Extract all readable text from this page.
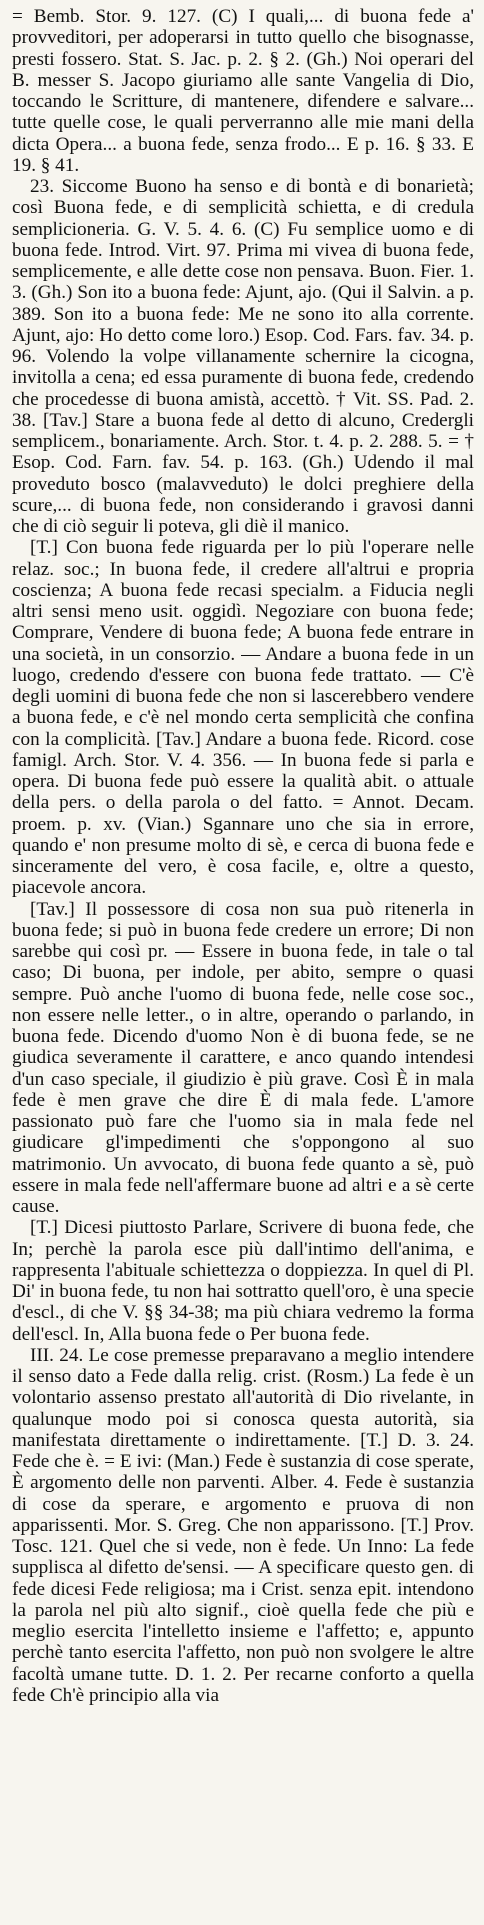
= Bemb. Stor. 9. 127. (C) I quali,... di buona fede a' provveditori, per adoperarsi in tutto quello che bisognasse, presti fossero. Stat. S. Jac. p. 2. § 2. (Gh.) Noi operari del B. messer S. Jacopo giuriamo alle sante Vangelia di Dio, toccando le Scritture, di mantenere, difendere e salvare... tutte quelle cose, le quali perverranno alle mie mani della dicta Opera... a buona fede, senza frodo... E p. 16. § 33. E 19. § 41.

23. Siccome Buono ha senso e di bontà e di bonarietà; così Buona fede, e di semplicità schietta, e di credula semplicioneria. G. V. 5. 4. 6. (C) Fu semplice uomo e di buona fede. Introd. Virt. 97. Prima mi vivea di buona fede, semplicemente, e alle dette cose non pensava. Buon. Fier. 1. 3. (Gh.) Son ito a buona fede: Ajunt, ajo. (Qui il Salvin. a p. 389. Son ito a buona fede: Me ne sono ito alla corrente. Ajunt, ajo: Ho detto come loro.) Esop. Cod. Fars. fav. 34. p. 96. Volendo la volpe villanamente schernire la cicogna, invitolla a cena; ed essa puramente di buona fede, credendo che procedesse di buona amistà, accettò. † Vit. SS. Pad. 2. 38. [Tav.] Stare a buona fede al detto di alcuno, Credergli semplicem., bonariamente. Arch. Stor. t. 4. p. 2. 288. 5. = † Esop. Cod. Farn. fav. 54. p. 163. (Gh.) Udendo il mal proveduto bosco (malavveduto) le dolci preghiere della scure,... di buona fede, non considerando i gravosi danni che di ciò seguir li poteva, gli diè il manico.

[T.] Con buona fede riguarda per lo più l'operare nelle relaz. soc.; In buona fede, il credere all'altrui e propria coscienza; A buona fede recasi specialm. a Fiducia negli altri sensi meno usit. oggidì. Negoziare con buona fede; Comprare, Vendere di buona fede; A buona fede entrare in una società, in un consorzio. — Andare a buona fede in un luogo, credendo d'essere con buona fede trattato. — C'è degli uomini di buona fede che non si lascerebbero vendere a buona fede, e c'è nel mondo certa semplicità che confina con la complicità. [Tav.] Andare a buona fede. Ricord. cose famigl. Arch. Stor. V. 4. 356. — In buona fede si parla e opera. Di buona fede può essere la qualità abit. o attuale della pers. o della parola o del fatto. = Annot. Decam. proem. p. xv. (Vian.) Sgannare uno che sia in errore, quando e' non presume molto di sè, e cerca di buona fede e sinceramente del vero, è cosa facile, e, oltre a questo, piacevole ancora.

[Tav.] Il possessore di cosa non sua può ritenerla in buona fede; si può in buona fede credere un errore; Di non sarebbe qui così pr. — Essere in buona fede, in tale o tal caso; Di buona, per indole, per abito, sempre o quasi sempre. Può anche l'uomo di buona fede, nelle cose soc., non essere nelle letter., o in altre, operando o parlando, in buona fede. Dicendo d'uomo Non è di buona fede, se ne giudica severamente il carattere, e anco quando intendesi d'un caso speciale, il giudizio è più grave. Così È in mala fede è men grave che dire È di mala fede. L'amore passionato può fare che l'uomo sia in mala fede nel giudicare gl'impedimenti che s'oppongono al suo matrimonio. Un avvocato, di buona fede quanto a sè, può essere in mala fede nell'affermare buone ad altri e a sè certe cause.

[T.] Dicesi piuttosto Parlare, Scrivere di buona fede, che In; perchè la parola esce più dall'intimo dell'anima, e rappresenta l'abituale schiettezza o doppiezza. In quel di Pl. Di' in buona fede, tu non hai sottratto quell'oro, è una specie d'escl., di che V. §§ 34-38; ma più chiara vedremo la forma dell'escl. In, Alla buona fede o Per buona fede.

III. 24. Le cose premesse preparavano a meglio intendere il senso dato a Fede dalla relig. crist. (Rosm.) La fede è un volontario assenso prestato all'autorità di Dio rivelante, in qualunque modo poi si conosca questa autorità, sia manifestata direttamente o indirettamente. [T.] D. 3. 24. Fede che è. = E ivi: (Man.) Fede è sustanzia di cose sperate, È argomento delle non parventi. Alber. 4. Fede è sustanzia di cose da sperare, e argomento e pruova di non apparissenti. Mor. S. Greg. Che non apparissono. [T.] Prov. Tosc. 121. Quel che si vede, non è fede. Un Inno: La fede supplisca al difetto de'sensi. — A specificare questo gen. di fede dicesi Fede religiosa; ma i Crist. senza epit. intendono la parola nel più alto signif., cioè quella fede che più e meglio esercita l'intelletto insieme e l'affetto; e, appunto perchè tanto esercita l'affetto, non può non svolgere le altre facoltà umane tutte. D. 1. 2. Per recarne conforto a quella fede Ch'è principio alla via
